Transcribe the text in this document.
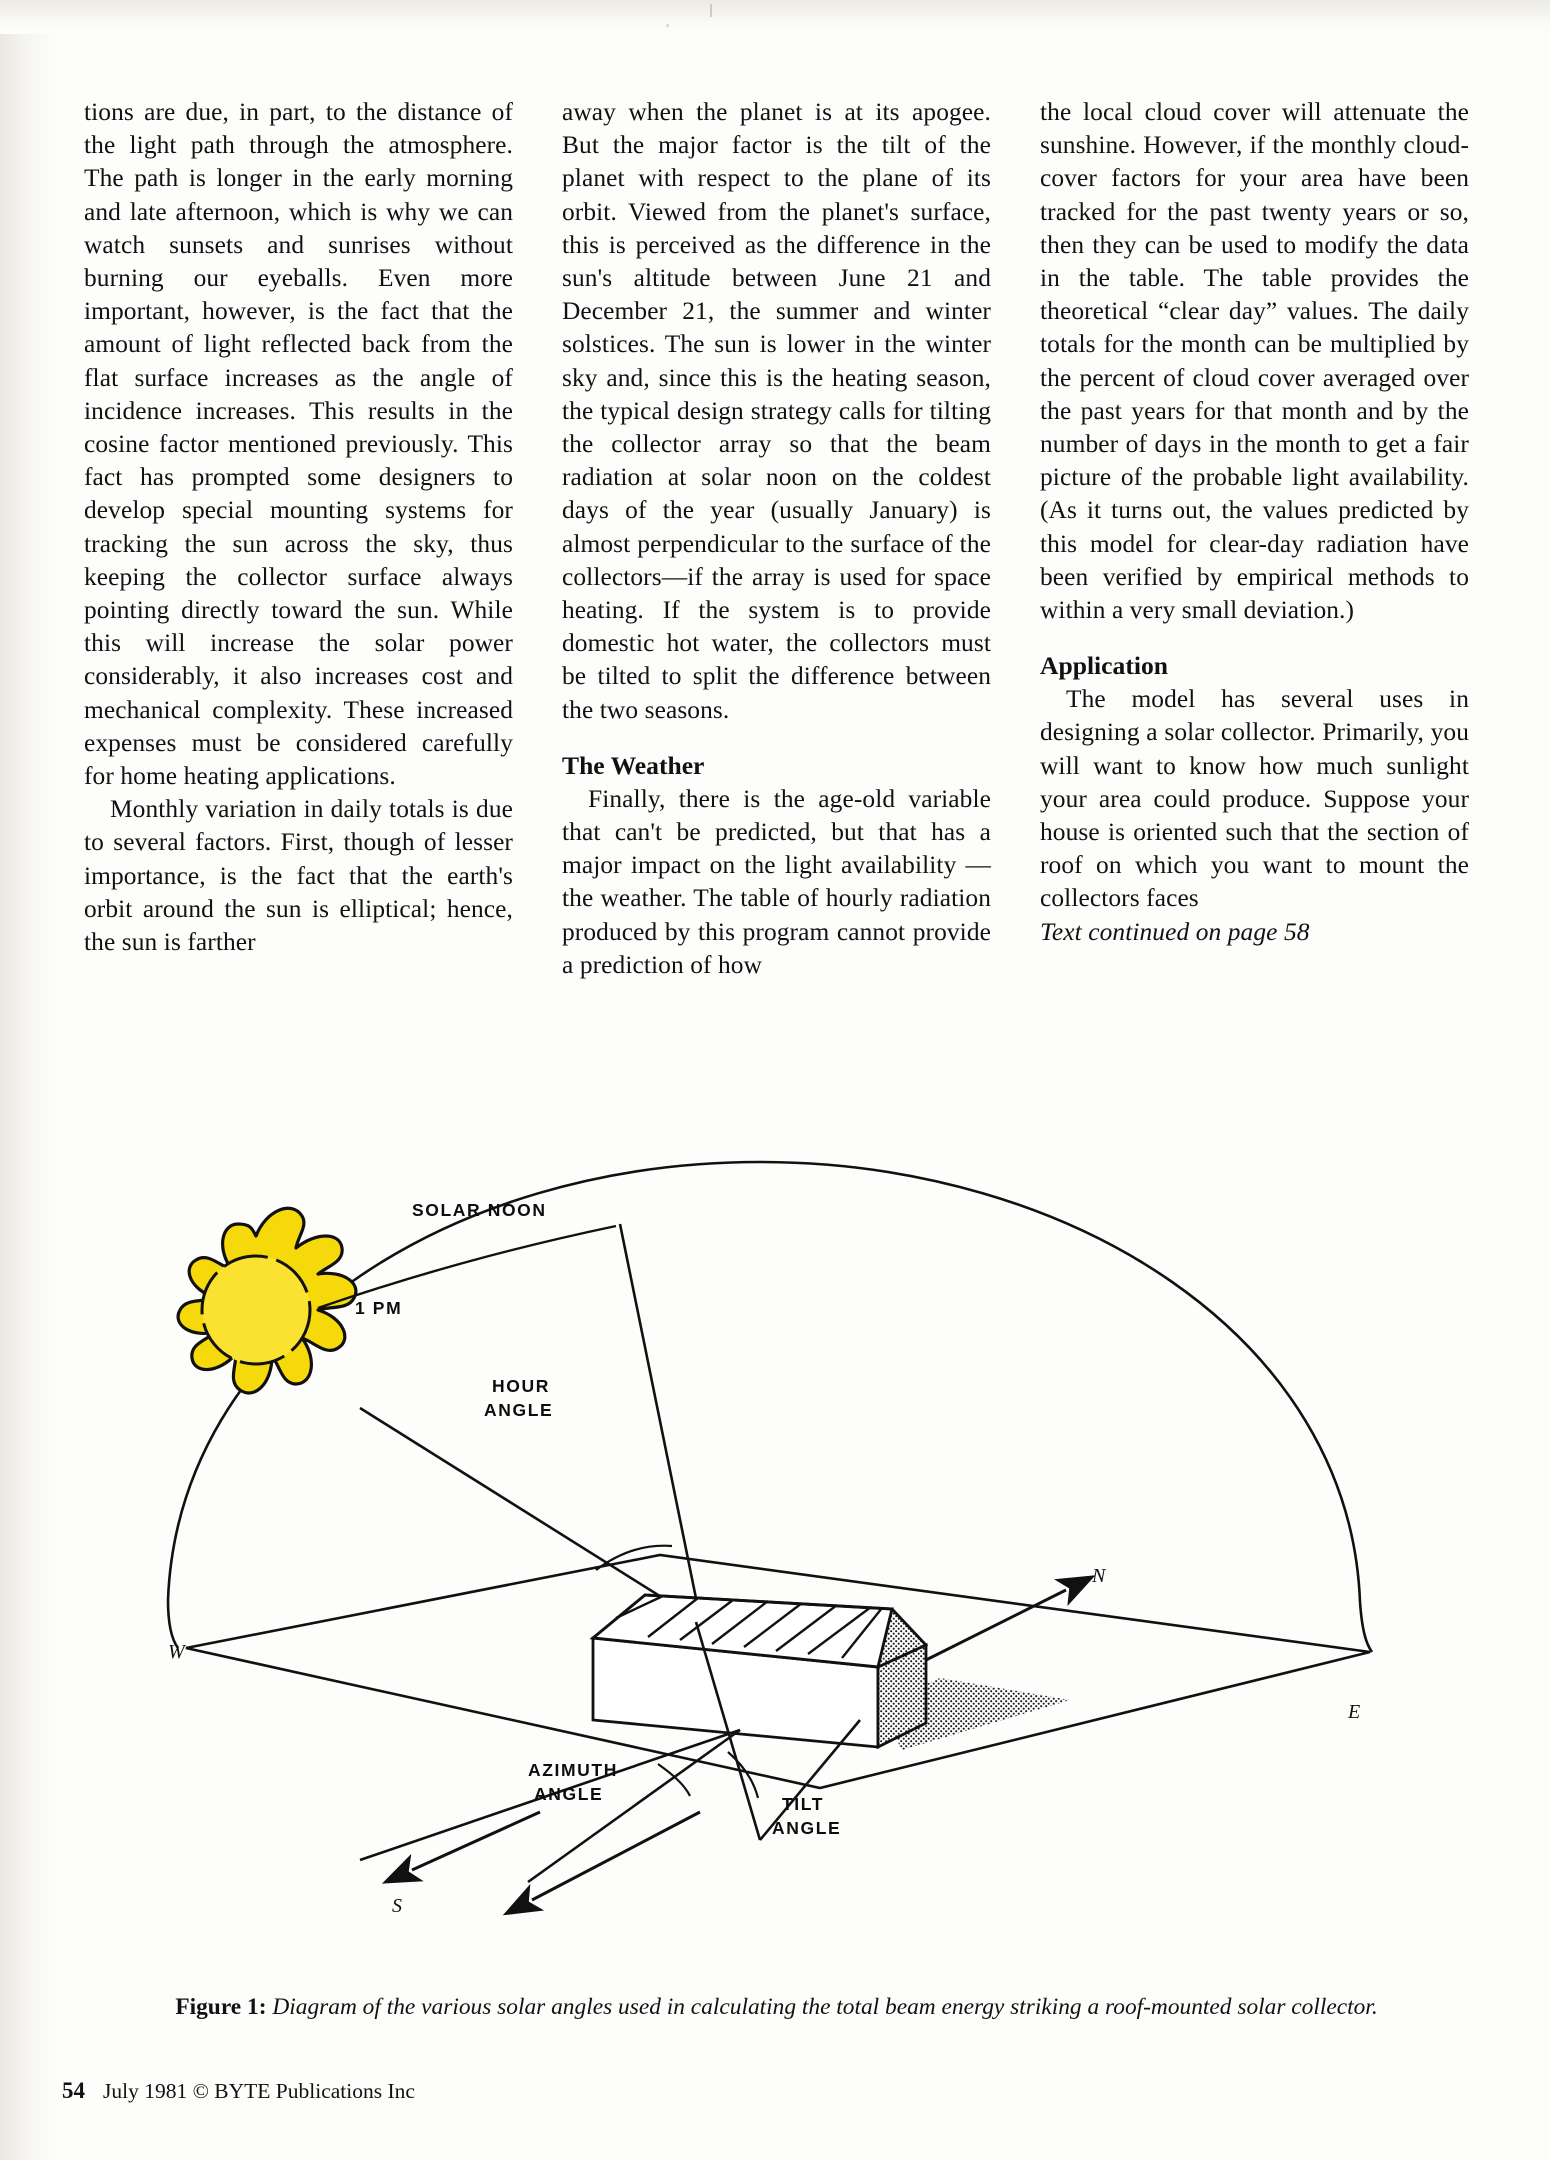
tions are due, in part, to the distance of the light path through the atmosphere. The path is longer in the early morning and late afternoon, which is why we can watch sunsets and sunrises without burning our eyeballs. Even more important, however, is the fact that the amount of light reflected back from the flat surface increases as the angle of incidence increases. This results in the cosine factor mentioned previously. This fact has prompted some designers to develop special mounting systems for tracking the sun across the sky, thus keeping the collector surface always pointing directly toward the sun. While this will increase the solar power considerably, it also increases cost and mechanical complexity. These increased expenses must be considered carefully for home heating applications.

Monthly variation in daily totals is due to several factors. First, though of lesser importance, is the fact that the earth's orbit around the sun is elliptical; hence, the sun is farther

away when the planet is at its apogee. But the major factor is the tilt of the planet with respect to the plane of its orbit. Viewed from the planet's surface, this is perceived as the difference in the sun's altitude between June 21 and December 21, the summer and winter solstices. The sun is lower in the winter sky and, since this is the heating season, the typical design strategy calls for tilting the collector array so that the beam radiation at solar noon on the coldest days of the year (usually January) is almost perpendicular to the surface of the collectors—if the array is used for space heating. If the system is to provide domestic hot water, the collectors must be tilted to split the difference between the two seasons.

The Weather

Finally, there is the age-old variable that can't be predicted, but that has a major impact on the light availability — the weather. The table of hourly radiation produced by this program cannot provide a prediction of how

the local cloud cover will attenuate the sunshine. However, if the monthly cloud-cover factors for your area have been tracked for the past twenty years or so, then they can be used to modify the data in the table. The table provides the theoretical “clear day” values. The daily totals for the month can be multiplied by the percent of cloud cover averaged over the past years for that month and by the number of days in the month to get a fair picture of the probable light availability. (As it turns out, the values predicted by this model for clear-day radiation have been verified by empirical methods to within a very small deviation.)

Application

The model has several uses in designing a solar collector. Primarily, you will want to know how much sunlight your area could produce. Suppose your house is oriented such that the section of roof on which you want to mount the collectors faces

Text continued on page 58

W
E
N
S
SOLAR NOON
1 PM
HOUR
ANGLE
AZIMUTH
ANGLE	TILT
ANGLE
Figure 1: Diagram of the various solar angles used in calculating the total beam energy striking a roof-mounted solar collector.
54 July 1981 © BYTE Publications Inc
